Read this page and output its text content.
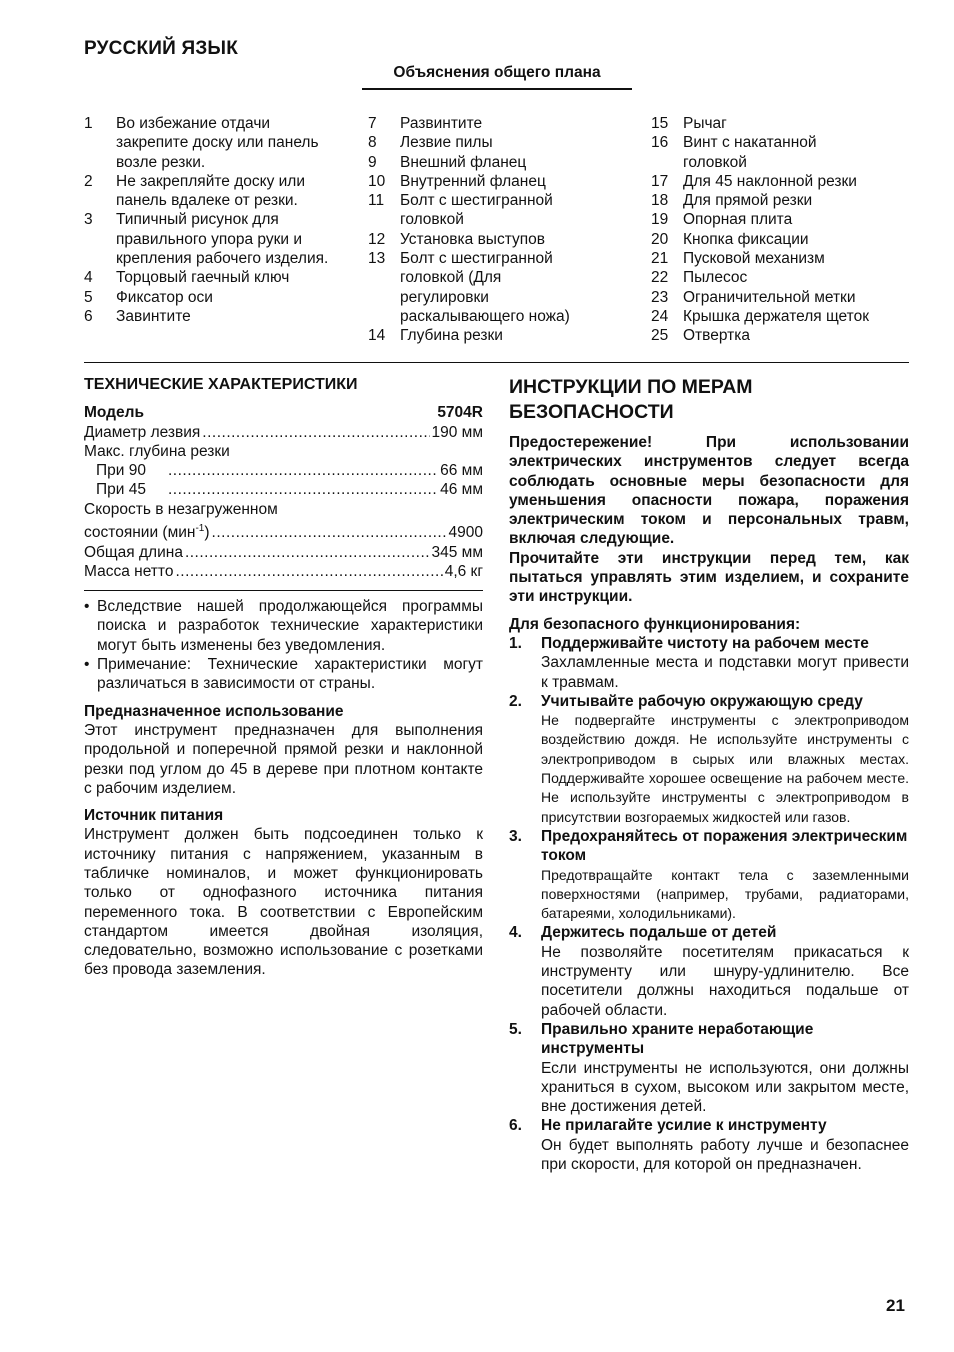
РУССКИЙ ЯЗЫК
Объяснения общего плана
1	Во избежание отдачи закрепите доску или панель возле резки.
2	Не закрепляйте доску или панель вдалеке от резки.
3	Типичный рисунок для правильного упора руки и крепления рабочего изделия.
4	Торцовый гаечный ключ
5	Фиксатор оси
6	Завинтите
7	Развинтите
8	Лезвие пилы
9	Внешний фланец
10 Внутренний фланец
11	Болт с шестигранной головкой
12 Установка выступов
13 Болт с шестигранной головкой (Для регулировки раскалывающего ножа)
14 Глубина резки
15 Рычаг
16 Винт с накатанной головкой
17 Для 45 наклонной резки
18 Для прямой резки
19 Опорная плита
20 Кнопка фиксации
21 Пусковой механизм
22 Пылесос
23 Ограничительной метки
24 Крышка держателя щеток
25 Отвертка
ТЕХНИЧЕСКИЕ ХАРАКТЕРИСТИКИ
Модель	5704R
Диаметр лезвия .....	190 мм
Макс. глубина резки
При 90 .....	66 мм
При 45 .....	46 мм
Скорость в незагруженном
состоянии (мин$^{-1}$) .....	4900
Общая длина .....	345 мм
Масса нетто .....	4,6 кг
• Вследствие нашей продолжающейся программы поиска и разработок технические характеристики могут быть изменены без уведомления.
• Примечание: Технические характеристики могут различаться в зависимости от страны.
Предназначенное использование
Этот инструмент предназначен для выполнения продольной и поперечной прямой резки и наклонной резки под углом до 45 в дереве при плотном контакте с рабочим изделием.
Источник питания
Инструмент должен быть подсоединен только к источнику питания с напряжением, указанным в табличке номиналов, и может функционировать только от однофазного источника питания переменного тока. В соответствии с Европейским стандартом имеется двойная изоляция, следовательно, возможно использование с розетками без провода заземления.
ИНСТРУКЦИИ ПО МЕРАМ БЕЗОПАСНОСТИ
Предостережение! При использовании электрических инструментов следует всегда соблюдать основные меры безопасности для уменьшения опасности пожара, поражения электрическим током и персональных травм, включая следующие.
Прочитайте эти инструкции перед тем, как пытаться управлять этим изделием, и сохраните эти инструкции.
Для безопасного функционирования:
1.	Поддерживайте чистоту на рабочем месте
Захламленные места и подставки могут привести к травмам.
2.	Учитывайте рабочую окружающую среду
Не подвергайте инструменты с электроприводом воздействию дождя. Не используйте инструменты с электроприводом в сырых или влажных местах. Поддерживайте хорошее освещение на рабочем месте. Не используйте инструменты с электроприводом в присутствии возгораемых жидкостей или газов.
3.	Предохраняйтесь от поражения электрическим током
Предотвращайте контакт тела с заземленными поверхностями (например, трубами, радиаторами, батареями, холодильниками).
4.	Держитесь подальше от детей
Не позволяйте посетителям прикасаться к инструменту или шнуру-удлинителю. Все посетители должны находиться подальше от рабочей области.
5.	Правильно храните неработающие инструменты
Если инструменты не используются, они должны храниться в сухом, высоком или закрытом месте, вне достижения детей.
6.	Не прилагайте усилие к инструменту
Он будет выполнять работу лучше и безопаснее при скорости, для которой он предназначен.
21
